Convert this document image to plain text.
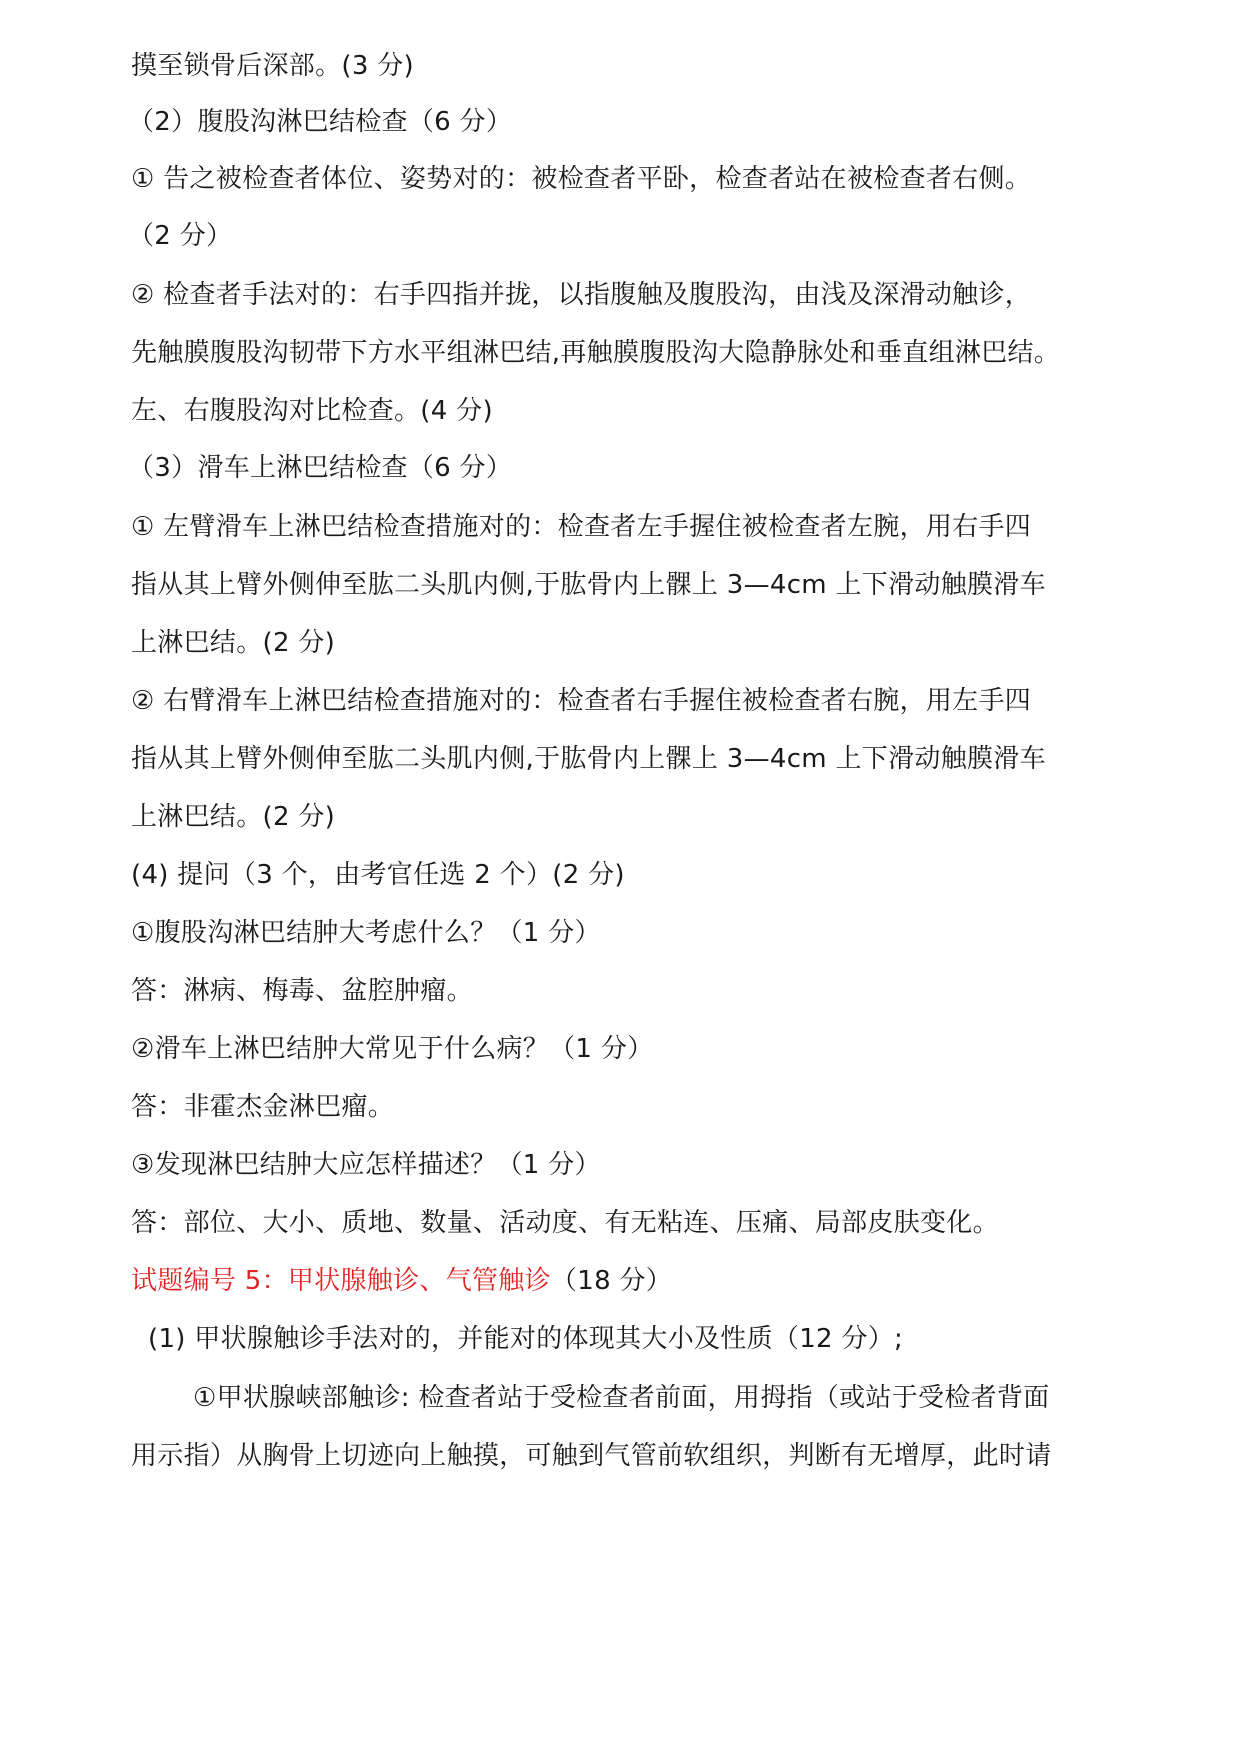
摸至锁骨后深部。(3 分)
（2）腹股沟淋巴结检查（6 分）
① 告之被检查者体位、姿势对的：被检查者平卧，检查者站在被检查者右侧。
（2 分）
② 检查者手法对的：右手四指并拢，以指腹触及腹股沟，由浅及深滑动触诊，
先触膜腹股沟韧带下方水平组淋巴结,再触膜腹股沟大隐静脉处和垂直组淋巴结。
左、右腹股沟对比检查。(4 分)
（3）滑车上淋巴结检查（6 分）
① 左臂滑车上淋巴结检查措施对的：检查者左手握住被检查者左腕，用右手四
指从其上臂外侧伸至肱二头肌内侧,于肱骨内上髁上 3—4cm 上下滑动触膜滑车
上淋巴结。(2 分)
② 右臂滑车上淋巴结检查措施对的：检查者右手握住被检查者右腕，用左手四
指从其上臂外侧伸至肱二头肌内侧,于肱骨内上髁上 3—4cm 上下滑动触膜滑车
上淋巴结。(2 分)
(4) 提问（3 个，由考官任选 2 个）(2 分)
①腹股沟淋巴结肿大考虑什么？（1 分）
答：淋病、梅毒、盆腔肿瘤。
②滑车上淋巴结肿大常见于什么病？（1 分）
答：非霍杰金淋巴瘤。
③发现淋巴结肿大应怎样描述？（1 分）
答：部位、大小、质地、数量、活动度、有无粘连、压痛、局部皮肤变化。
试题编号 5：甲状腺触诊、气管触诊（18 分）
(1) 甲状腺触诊手法对的，并能对的体现其大小及性质（12 分）;
①甲状腺峡部触诊: 检查者站于受检查者前面，用拇指（或站于受检者背面
用示指）从胸骨上切迹向上触摸，可触到气管前软组织，判断有无增厚，此时请
